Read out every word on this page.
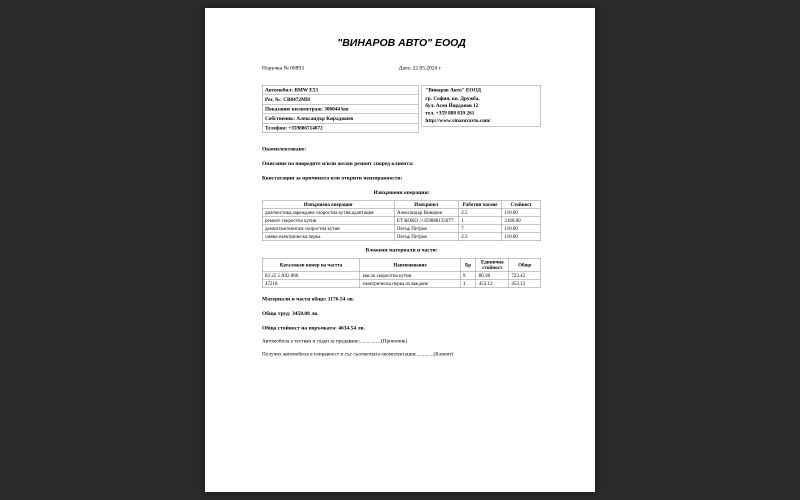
"ВИНАРОВ АВТО" ЕООД
Поръчка № 00893	Дата: 22.05.2024 г
Автомобил: BMW E53
Рег. №: CB8472MH
Показание километраж: 306044 km
Собственик: Александър Кираджиев
Телефон: +359886714872
"Винаров Авто" ЕООД
гр. София, кв. Дружба,
бул. Асен Йорданов 12
тел. +359 888 839 261
http://www.vinarovavto.com/

Окомплектоване:

Описание на повредите и/или желан ремонт според клиента:

Констатации за причината или открити неизправности:

Извършени операции:

Извършена операция	Извършил	Работни часове	Стойност
диагностика,зареждане скоростна кутия,адаптация	Александър Винаров	2.5	110.00
ремонт скоростна кутия	ЕТ КОКО /+359888135077	1	2160.00
демонтаж/монтаж скоростна кутия	Петър Петров	7	110.00
смяна електрическа перка	Петър Петров	2.3	110.00

Вложени материали и части:

Каталожен номер на частта	Наименование	Бр	Единична стойност	Общо
83 22 5 A92 866	масло скоростна кутия	9	80.38	723.42
47218	електрическа перка охлаждане	1	453.12	453.12

Материали и части общо: 1176.54 лв.

Общо труд: 3458.00 лв.

Обща стойност на поръчката: 4634.54 лв.

Автомобила е тестван и годен за предаване:................(Приемчик)

Получих автомобила в изправност и със съответната окомплектация:.............(Клиент)
